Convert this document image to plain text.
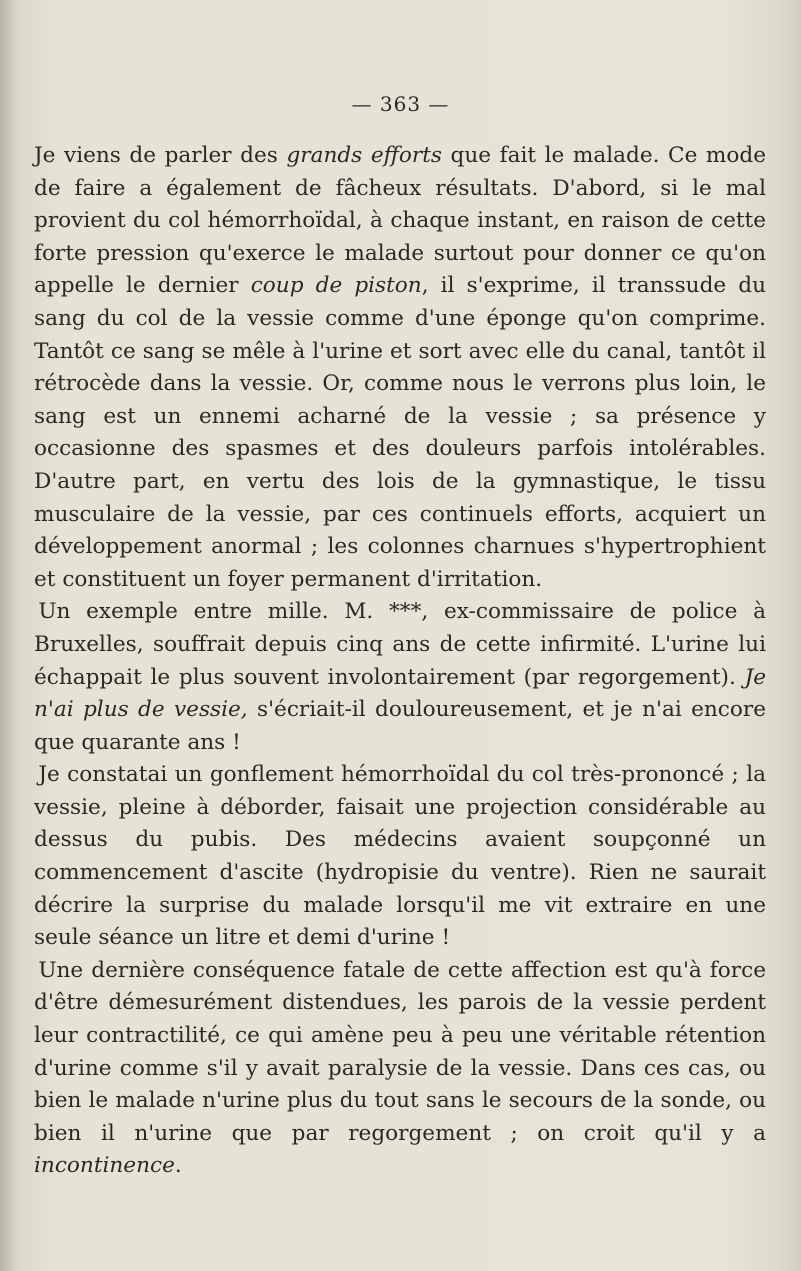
— 363 —

Je viens de parler des grands efforts que fait le malade. Ce mode de faire a également de fâcheux résultats. D'abord, si le mal provient du col hémorrhoïdal, à chaque instant, en raison de cette forte pression qu'exerce le malade surtout pour donner ce qu'on appelle le dernier coup de piston, il s'exprime, il transsude du sang du col de la vessie comme d'une éponge qu'on comprime. Tantôt ce sang se mêle à l'urine et sort avec elle du canal, tantôt il rétrocède dans la vessie. Or, comme nous le verrons plus loin, le sang est un ennemi acharné de la vessie ; sa présence y occasionne des spasmes et des douleurs parfois intolérables. D'autre part, en vertu des lois de la gymnastique, le tissu musculaire de la vessie, par ces continuels efforts, acquiert un développement anormal ; les colonnes charnues s'hypertrophient et constituent un foyer permanent d'irritation.

Un exemple entre mille. M. ***, ex-commissaire de police à Bruxelles, souffrait depuis cinq ans de cette infirmité. L'urine lui échappait le plus souvent involontairement (par regorgement). Je n'ai plus de vessie, s'écriait-il douloureusement, et je n'ai encore que quarante ans !

Je constatai un gonflement hémorrhoïdal du col très-prononcé ; la vessie, pleine à déborder, faisait une projection considérable au dessus du pubis. Des médecins avaient soupçonné un commencement d'ascite (hydropisie du ventre). Rien ne saurait décrire la surprise du malade lorsqu'il me vit extraire en une seule séance un litre et demi d'urine !

Une dernière conséquence fatale de cette affection est qu'à force d'être démesurément distendues, les parois de la vessie perdent leur contractilité, ce qui amène peu à peu une véritable rétention d'urine comme s'il y avait paralysie de la vessie. Dans ces cas, ou bien le malade n'urine plus du tout sans le secours de la sonde, ou bien il n'urine que par regorgement ; on croit qu'il y a incontinence.
